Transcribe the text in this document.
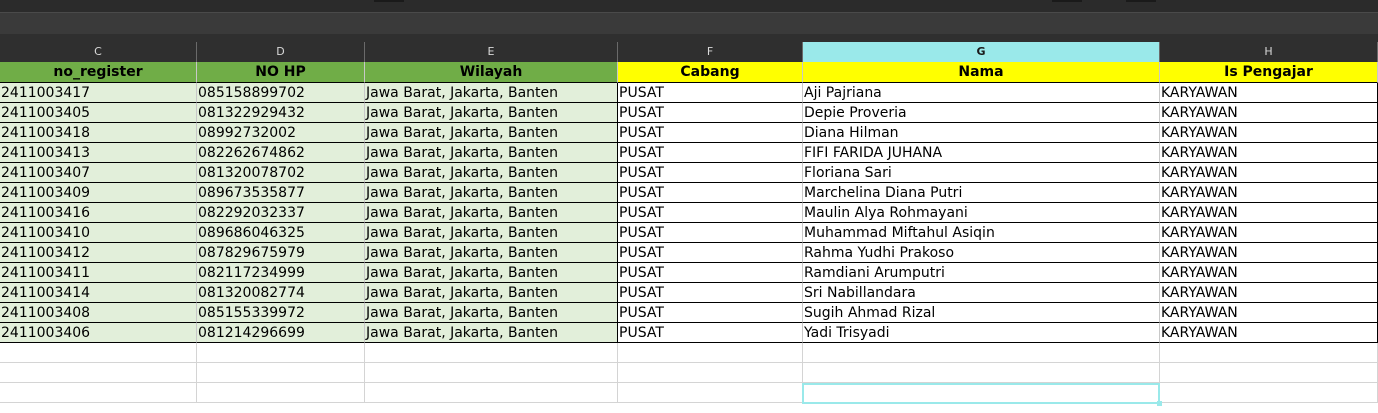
C	D	E	F	G	H
no_register	NO HP	Wilayah	Cabang	Nama	Is Pengajar
2411003417	085158899702	Jawa Barat, Jakarta, Banten	PUSAT	Aji Pajriana	KARYAWAN
2411003405	081322929432	Jawa Barat, Jakarta, Banten	PUSAT	Depie Proveria	KARYAWAN
2411003418	08992732002	Jawa Barat, Jakarta, Banten	PUSAT	Diana Hilman	KARYAWAN
2411003413	082262674862	Jawa Barat, Jakarta, Banten	PUSAT	FIFI FARIDA JUHANA	KARYAWAN
2411003407	081320078702	Jawa Barat, Jakarta, Banten	PUSAT	Floriana Sari	KARYAWAN
2411003409	089673535877	Jawa Barat, Jakarta, Banten	PUSAT	Marchelina Diana Putri	KARYAWAN
2411003416	082292032337	Jawa Barat, Jakarta, Banten	PUSAT	Maulin Alya Rohmayani	KARYAWAN
2411003410	089686046325	Jawa Barat, Jakarta, Banten	PUSAT	Muhammad Miftahul Asiqin	KARYAWAN
2411003412	087829675979	Jawa Barat, Jakarta, Banten	PUSAT	Rahma Yudhi Prakoso	KARYAWAN
2411003411	082117234999	Jawa Barat, Jakarta, Banten	PUSAT	Ramdiani Arumputri	KARYAWAN
2411003414	081320082774	Jawa Barat, Jakarta, Banten	PUSAT	Sri Nabillandara	KARYAWAN
2411003408	085155339972	Jawa Barat, Jakarta, Banten	PUSAT	Sugih Ahmad Rizal	KARYAWAN
2411003406	081214296699	Jawa Barat, Jakarta, Banten	PUSAT	Yadi Trisyadi	KARYAWAN
